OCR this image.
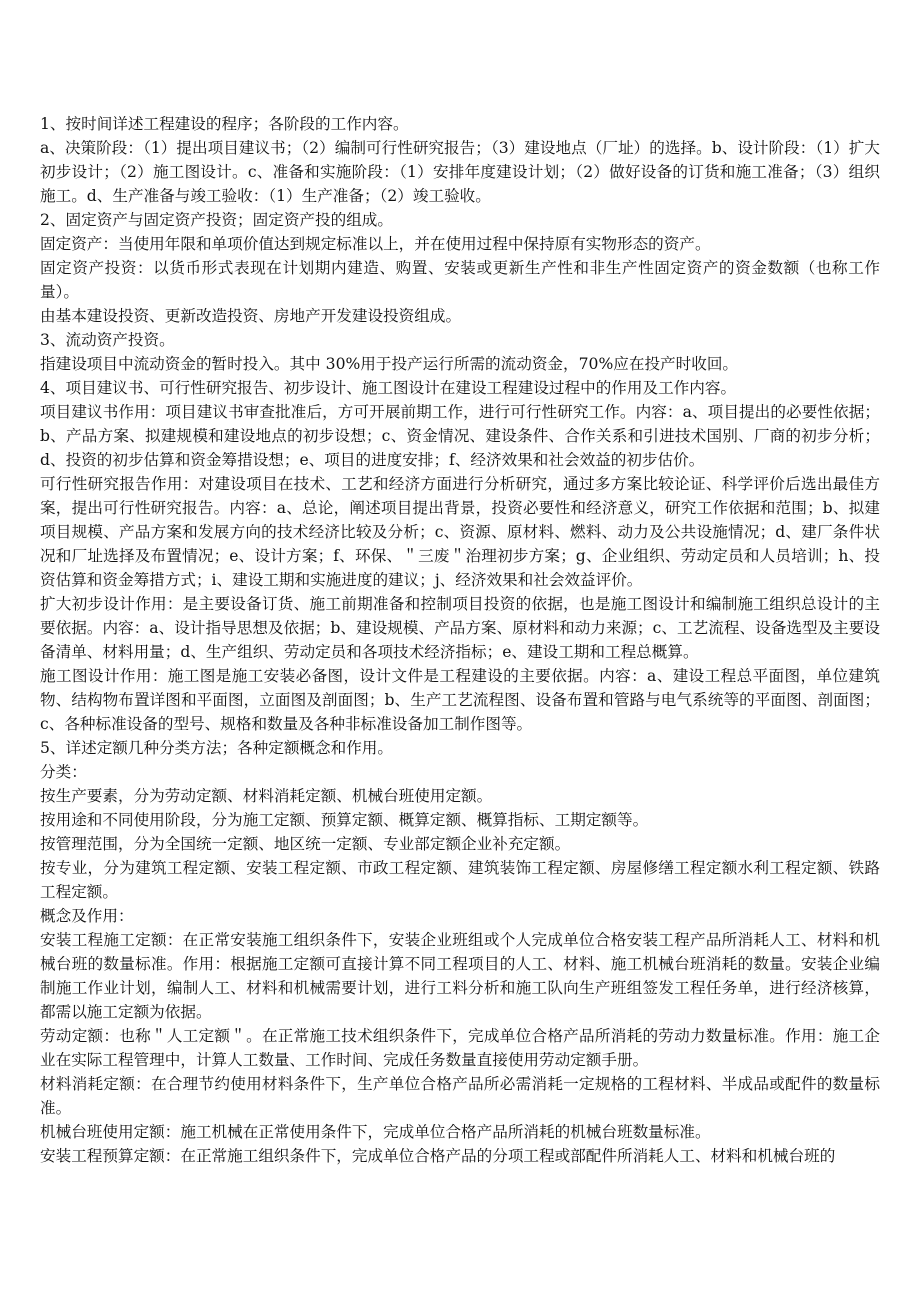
1、按时间详述工程建设的程序；各阶段的工作内容。

a、决策阶段：（1）提出项目建议书；（2）编制可行性研究报告；（3）建设地点（厂址）的选择。b、设计阶段：（1）扩大初步设计；（2）施工图设计。c、准备和实施阶段：（1）安排年度建设计划；（2）做好设备的订货和施工准备；（3）组织施工。d、生产准备与竣工验收：（1）生产准备；（2）竣工验收。

2、固定资产与固定资产投资；固定资产投的组成。

固定资产：当使用年限和单项价值达到规定标准以上，并在使用过程中保持原有实物形态的资产。

固定资产投资：以货币形式表现在计划期内建造、购置、安装或更新生产性和非生产性固定资产的资金数额（也称工作量）。

由基本建设投资、更新改造投资、房地产开发建设投资组成。

3、流动资产投资。

指建设项目中流动资金的暂时投入。其中 30%用于投产运行所需的流动资金，70%应在投产时收回。

4、项目建议书、可行性研究报告、初步设计、施工图设计在建设工程建设过程中的作用及工作内容。

项目建议书作用：项目建议书审查批准后，方可开展前期工作，进行可行性研究工作。内容：a、项目提出的必要性依据；b、产品方案、拟建规模和建设地点的初步设想；c、资金情况、建设条件、合作关系和引进技术国别、厂商的初步分析；d、投资的初步估算和资金筹措设想；e、项目的进度安排；f、经济效果和社会效益的初步估价。

可行性研究报告作用：对建设项目在技术、工艺和经济方面进行分析研究，通过多方案比较论证、科学评价后选出最佳方案，提出可行性研究报告。内容：a、总论，阐述项目提出背景，投资必要性和经济意义，研究工作依据和范围；b、拟建项目规模、产品方案和发展方向的技术经济比较及分析；c、资源、原材料、燃料、动力及公共设施情况；d、建厂条件状况和厂址选择及布置情况；e、设计方案；f、环保、＂三废＂治理初步方案；g、企业组织、劳动定员和人员培训；h、投资估算和资金筹措方式；i、建设工期和实施进度的建议；j、经济效果和社会效益评价。

扩大初步设计作用：是主要设备订货、施工前期准备和控制项目投资的依据，也是施工图设计和编制施工组织总设计的主要依据。内容：a、设计指导思想及依据；b、建设规模、产品方案、原材料和动力来源；c、工艺流程、设备选型及主要设备清单、材料用量；d、生产组织、劳动定员和各项技术经济指标；e、建设工期和工程总概算。

施工图设计作用：施工图是施工安装必备图，设计文件是工程建设的主要依据。内容：a、建设工程总平面图，单位建筑物、结构物布置详图和平面图，立面图及剖面图；b、生产工艺流程图、设备布置和管路与电气系统等的平面图、剖面图；c、各种标准设备的型号、规格和数量及各种非标准设备加工制作图等。

5、详述定额几种分类方法；各种定额概念和作用。

分类：

按生产要素，分为劳动定额、材料消耗定额、机械台班使用定额。

按用途和不同使用阶段，分为施工定额、预算定额、概算定额、概算指标、工期定额等。

按管理范围，分为全国统一定额、地区统一定额、专业部定额企业补充定额。

按专业，分为建筑工程定额、安装工程定额、市政工程定额、建筑装饰工程定额、房屋修缮工程定额水利工程定额、铁路工程定额。

概念及作用：

安装工程施工定额：在正常安装施工组织条件下，安装企业班组或个人完成单位合格安装工程产品所消耗人工、材料和机械台班的数量标准。作用：根据施工定额可直接计算不同工程项目的人工、材料、施工机械台班消耗的数量。安装企业编制施工作业计划，编制人工、材料和机械需要计划，进行工料分析和施工队向生产班组签发工程任务单，进行经济核算，都需以施工定额为依据。

劳动定额：也称＂人工定额＂。在正常施工技术组织条件下，完成单位合格产品所消耗的劳动力数量标准。作用：施工企业在实际工程管理中，计算人工数量、工作时间、完成任务数量直接使用劳动定额手册。

材料消耗定额：在合理节约使用材料条件下，生产单位合格产品所必需消耗一定规格的工程材料、半成品或配件的数量标准。

机械台班使用定额：施工机械在正常使用条件下，完成单位合格产品所消耗的机械台班数量标准。

安装工程预算定额：在正常施工组织条件下，完成单位合格产品的分项工程或部配件所消耗人工、材料和机械台班的
